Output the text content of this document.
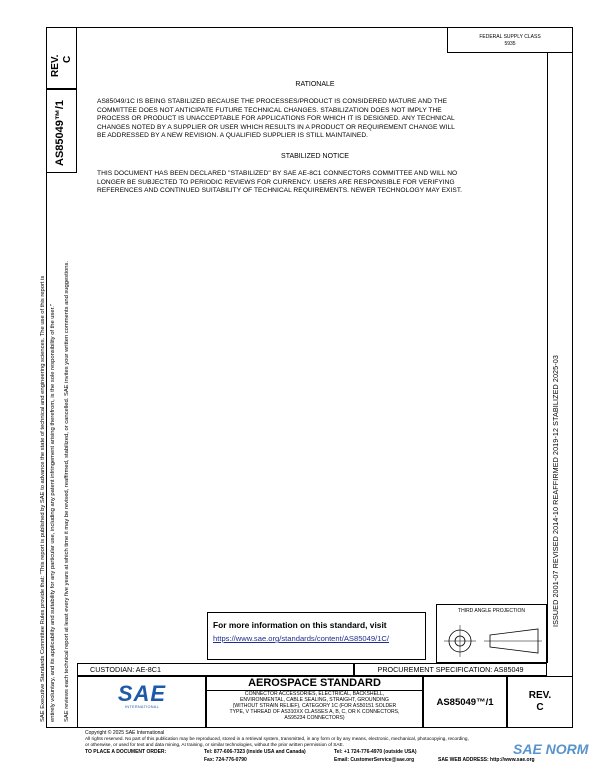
REV. C
AS85049™/1
SAE Executive Standards Committee Rules provide that: "This report is published by SAE to advance the state of technical and engineering sciences. The use of this report is entirely voluntary, and its applicability and suitability for any particular use, including any patent infringement arising therefrom, is the sole responsibility of the user." SAE reviews each technical report at least every five years at which time it may be revised, reaffirmed, stabilized, or cancelled. SAE invites your written comments and suggestions.
FEDERAL SUPPLY CLASS
5935
ISSUED 2001-07 REVISED 2014-10 REAFFIRMED 2019-12 STABILIZED 2025-03
RATIONALE
AS85049/1C IS BEING STABILIZED BECAUSE THE PROCESSES/PRODUCT IS CONSIDERED MATURE AND THE
COMMITTEE DOES NOT ANTICIPATE FUTURE TECHNICAL CHANGES. STABILIZATION DOES NOT IMPLY THE
PROCESS OR PRODUCT IS UNACCEPTABLE FOR APPLICATIONS FOR WHICH IT IS DESIGNED. ANY TECHNICAL
CHANGES NOTED BY A SUPPLIER OR USER WHICH RESULTS IN A PRODUCT OR REQUIREMENT CHANGE WILL
BE ADDRESSED BY A NEW REVISION. A QUALIFIED SUPPLIER IS STILL MAINTAINED.
STABILIZED NOTICE
THIS DOCUMENT HAS BEEN DECLARED "STABILIZED" BY SAE AE-8C1 CONNECTORS COMMITTEE AND WILL NO
LONGER BE SUBJECTED TO PERIODIC REVIEWS FOR CURRENCY. USERS ARE RESPONSIBLE FOR VERIFYING
REFERENCES AND CONTINUED SUITABILITY OF TECHNICAL REQUIREMENTS. NEWER TECHNOLOGY MAY EXIST.
For more information on this standard, visit
https://www.sae.org/standards/content/AS85049/1C/
THIRD ANGLE PROJECTION
CUSTODIAN: AE-8C1	PROCUREMENT SPECIFICATION: AS85049
SAE
INTERNATIONAL
AEROSPACE STANDARD
CONNECTOR ACCESSORIES, ELECTRICAL, BACKSHELL,
ENVIRONMENTAL, CABLE SEALING, STRAIGHT, GROUNDING
(WITHOUT STRAIN RELIEF), CATEGORY 1C (FOR AS50151 SOLDER
TYPE, V THREAD OF AS310XX CLASSES A, B, C, OR K CONNECTORS,
AS95234 CONNECTORS)
AS85049™/1
REV.
C
Copyright © 2025 SAE International
All rights reserved. No part of this publication may be reproduced, stored in a retrieval system, transmitted, in any form or by any means, electronic, mechanical, photocopying, recording,
or otherwise, or used for text and data mining, AI training, or similar technologies, without the prior written permission of SAE.
TO PLACE A DOCUMENT ORDER:	Tel: 877-606-7323 (inside USA and Canada)	Tel: +1 724-776-4970 (outside USA)
Fax: 724-776-0790	Email: CustomerService@sae.org	SAE WEB ADDRESS: http://www.sae.org
SAE NORM
